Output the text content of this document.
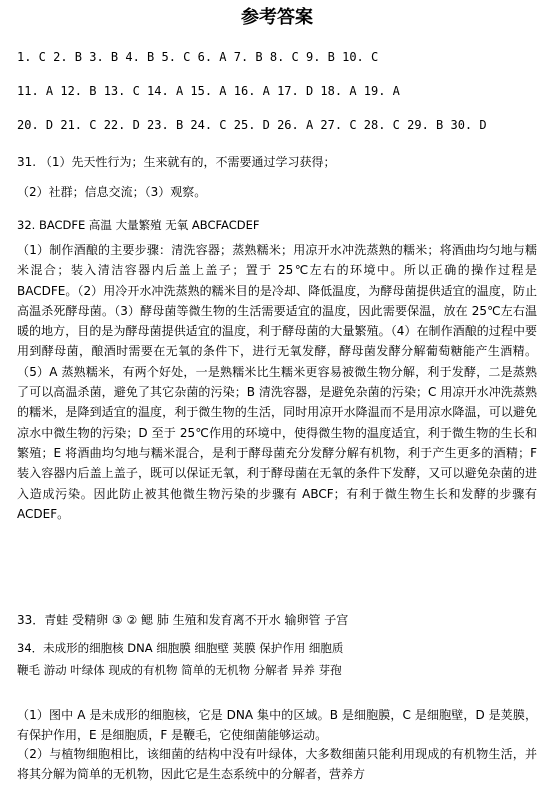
参考答案
1. C 2. B 3. B 4. B 5. C 6. A 7. B 8. C 9. B 10. C
11. A 12. B 13. C 14. A 15. A 16. A 17. D 18. A 19. A
20. D 21. C 22. D 23. B 24. C 25. D 26. A 27. C 28. C 29. B 30. D
31. （1）先天性行为；生来就有的，不需要通过学习获得；
（2）社群；信息交流；（3）观察。
32. BACDFE 高温 大量繁殖 无氧 ABCFACDEF
（1）制作酒酿的主要步骤：清洗容器；蒸熟糯米；用凉开水冲洗蒸熟的糯米；将酒曲均匀地与糯米混合；装入清洁容器内后盖上盖子；置于 25℃左右的环境中。所以正确的操作过程是 BACDFE。（2）用冷开水冲洗蒸熟的糯米目的是冷却、降低温度，为酵母菌提供适宜的温度，防止高温杀死酵母菌。（3）酵母菌等微生物的生活需要适宜的温度，因此需要保温，放在 25℃左右温暖的地方，目的是为酵母菌提供适宜的温度，利于酵母菌的大量繁殖。（4）在制作酒酿的过程中要用到酵母菌，酿酒时需要在无氧的条件下，进行无氧发酵，酵母菌发酵分解葡萄糖能产生酒精。（5）A 蒸熟糯米，有两个好处，一是熟糯米比生糯米更容易被微生物分解，利于发酵，二是蒸熟了可以高温杀菌，避免了其它杂菌的污染；B 清洗容器，是避免杂菌的污染；C 用凉开水冲洗蒸熟的糯米，是降到适宜的温度，利于微生物的生活，同时用凉开水降温而不是用凉水降温，可以避免凉水中微生物的污染；D 至于 25℃作用的环境中，使得微生物的温度适宜，利于微生物的生长和繁殖；E 将酒曲均匀地与糯米混合，是利于酵母菌充分发酵分解有机物，利于产生更多的酒精；F 装入容器内后盖上盖子，既可以保证无氧，利于酵母菌在无氧的条件下发酵，又可以避免杂菌的进入造成污染。因此防止被其他微生物污染的步骤有 ABCF；有利于微生物生长和发酵的步骤有 ACDEF。
33．青蛙 受精卵 ③ ② 鳃 肺 生殖和发育离不开水 输卵管 子宫
34．未成形的细胞核 DNA 细胞膜 细胞壁 荚膜 保护作用 细胞质
鞭毛 游动 叶绿体 现成的有机物 简单的无机物 分解者 异养 芽孢
（1）图中 A 是未成形的细胞核，它是 DNA 集中的区域。B 是细胞膜，C 是细胞壁，D 是荚膜，有保护作用，E 是细胞质，F 是鞭毛，它使细菌能够运动。
（2）与植物细胞相比，该细菌的结构中没有叶绿体，大多数细菌只能利用现成的有机物生活，并将其分解为简单的无机物，因此它是生态系统中的分解者，营养方
